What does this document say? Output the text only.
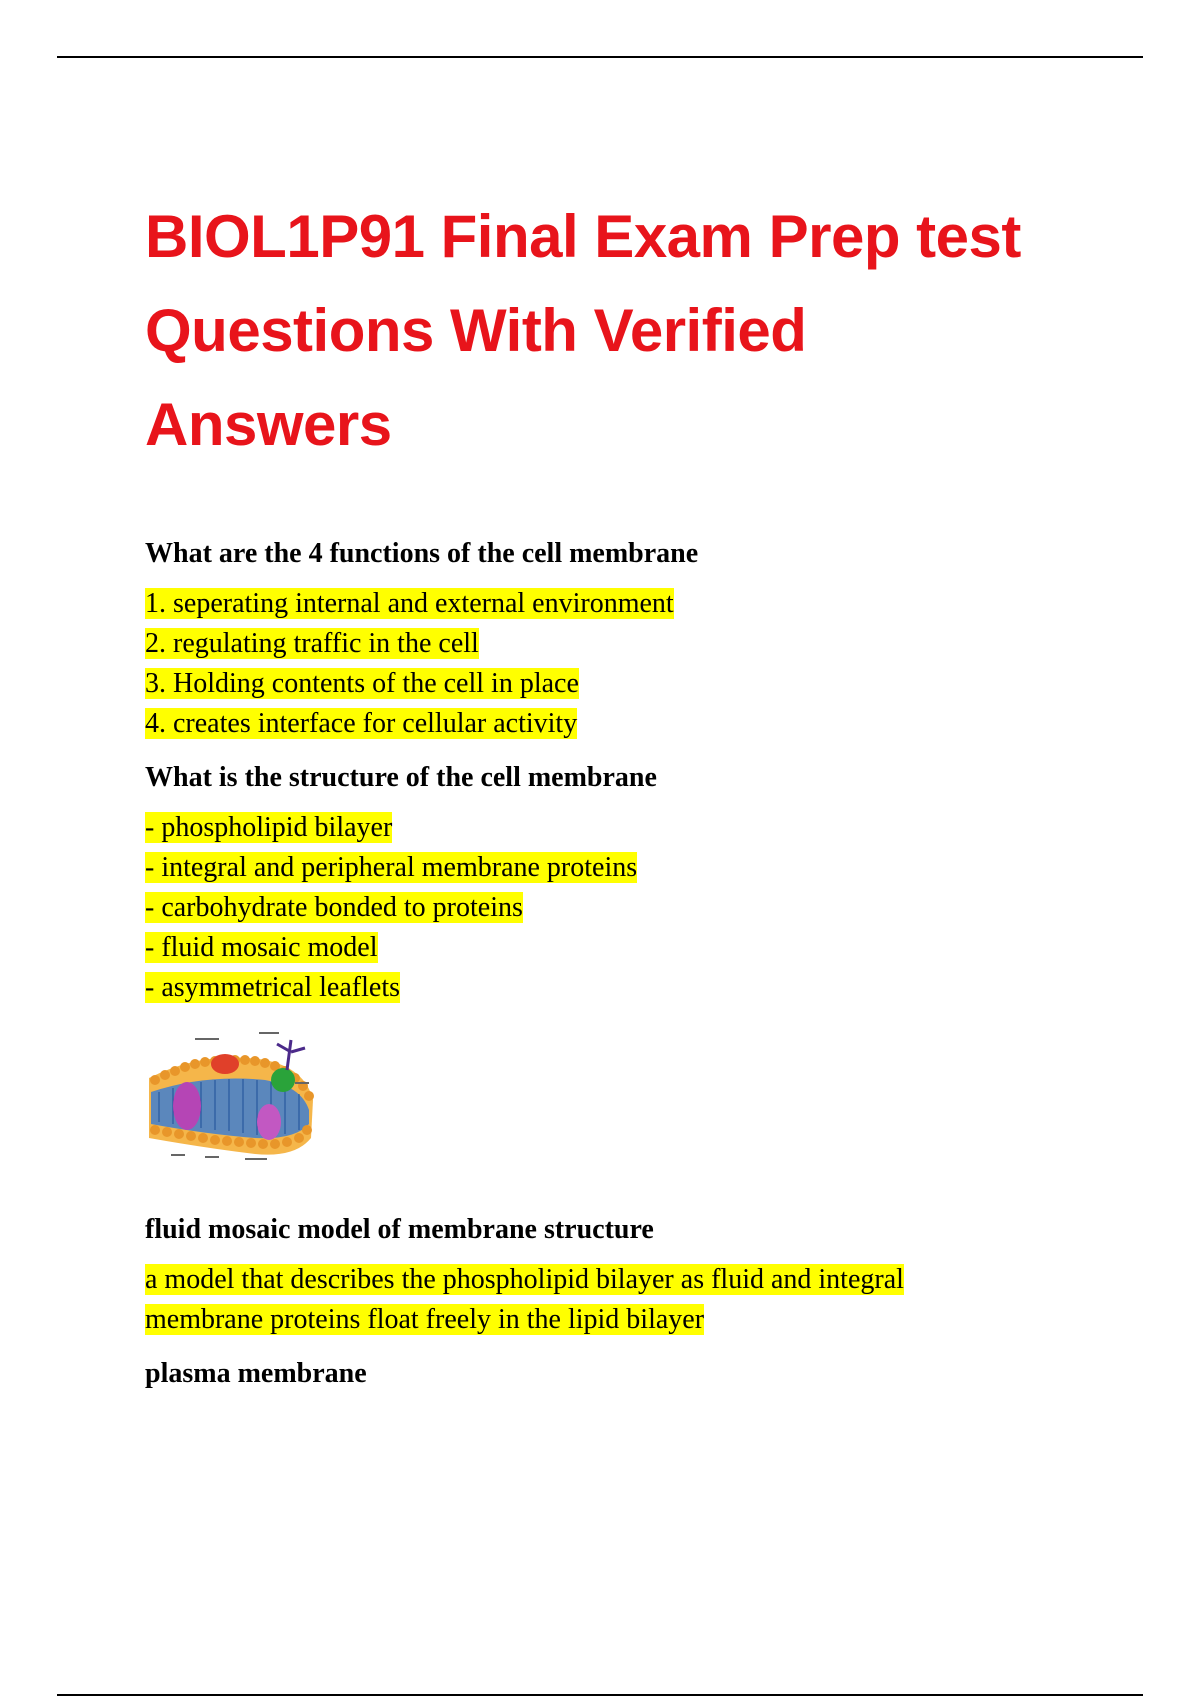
BIOL1P91 Final Exam Prep test
Questions With Verified
Answers
What are the 4 functions of the cell membrane
1. seperating internal and external environment
2. regulating traffic in the cell
3. Holding contents of the cell in place
4. creates interface for cellular activity
What is the structure of the cell membrane
- phospholipid bilayer
- integral and peripheral membrane proteins
- carbohydrate bonded to proteins
- fluid mosaic model
- asymmetrical leaflets
fluid mosaic model of membrane structure
a model that describes the phospholipid bilayer as fluid and integral
membrane proteins float freely in the lipid bilayer
plasma membrane
